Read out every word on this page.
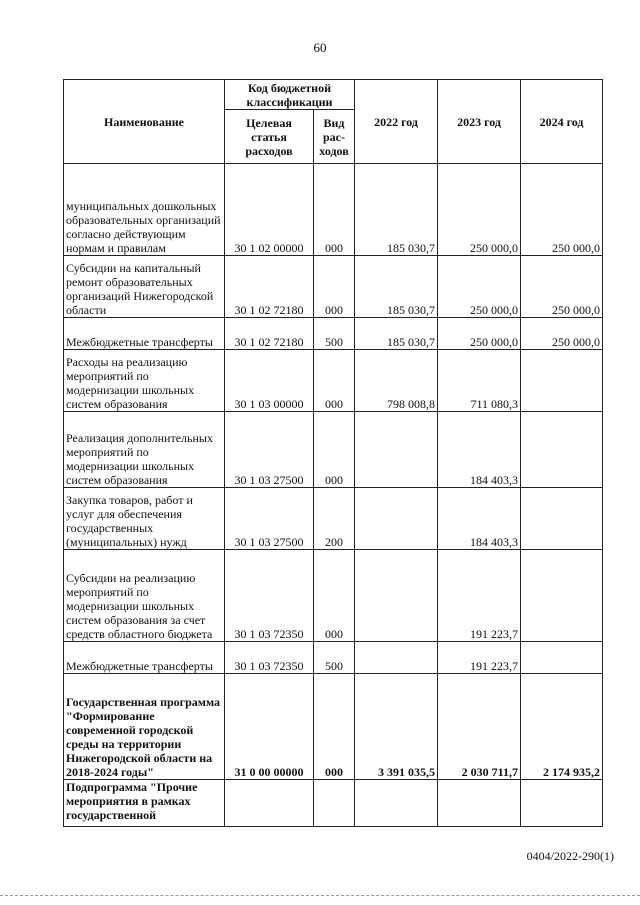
60
Наименование	Код бюджетной классификации		2022 год	2023 год	2024 год
	Целевая статья расходов	Вид рас-ходов			
муниципальных дошкольных образовательных организаций согласно действующим нормам и правилам	30 1 02 00000	000	185 030,7	250 000,0	250 000,0
Субсидии на капитальный ремонт образовательных организаций Нижегородской области	30 1 02 72180	000	185 030,7	250 000,0	250 000,0
Межбюджетные трансферты	30 1 02 72180	500	185 030,7	250 000,0	250 000,0
Расходы на реализацию мероприятий по модернизации школьных систем образования	30 1 03 00000	000	798 008,8	711 080,3	
Реализация дополнительных мероприятий по модернизации школьных систем образования	30 1 03 27500	000		184 403,3	
Закупка товаров, работ и услуг для обеспечения государственных (муниципальных) нужд	30 1 03 27500	200		184 403,3	
Субсидии на реализацию мероприятий по модернизации школьных систем образования за счет средств областного бюджета	30 1 03 72350	000		191 223,7	
Межбюджетные трансферты	30 1 03 72350	500		191 223,7	
Государственная программа "Формирование современной городской среды на территории Нижегородской области на 2018-2024 годы"	31 0 00 00000	000	3 391 035,5	2 030 711,7	2 174 935,2
Подпрограмма "Прочие мероприятия в рамках государственной					
0404/2022-290(1)
